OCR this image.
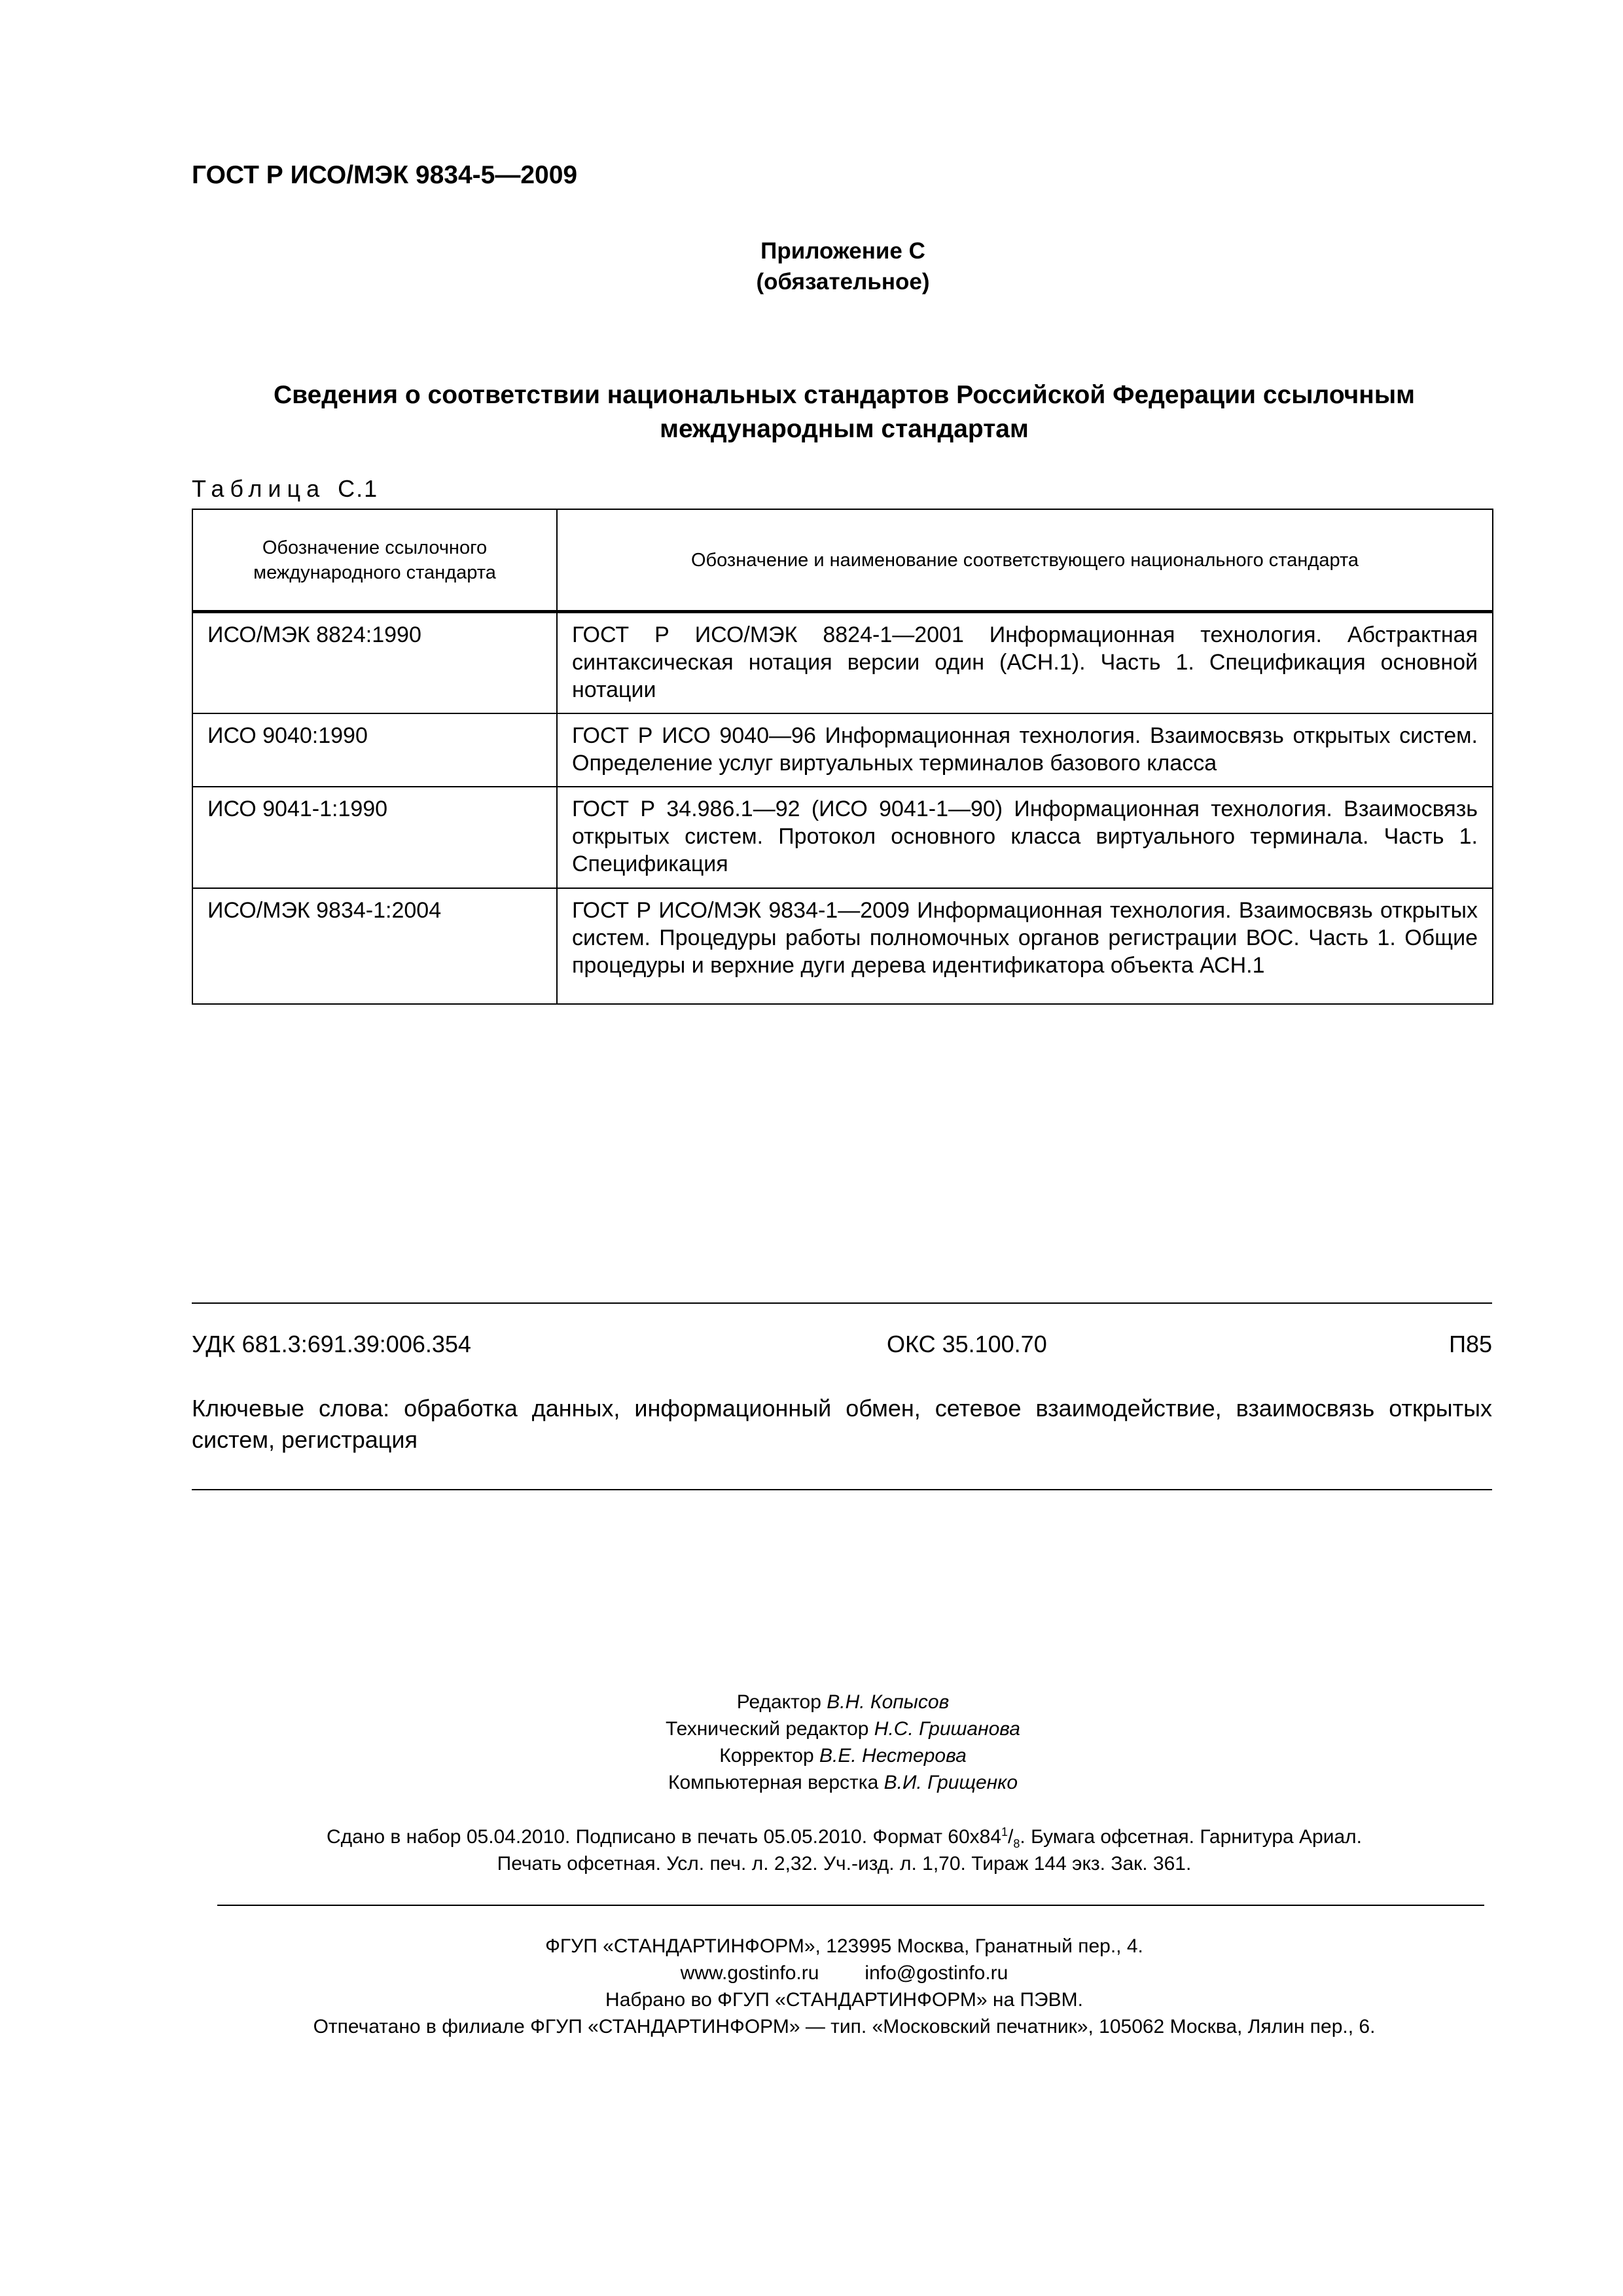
ГОСТ Р ИСО/МЭК 9834-5—2009
Приложение С
(обязательное)
Сведения о соответствии национальных стандартов Российской Федерации ссылочным
международным стандартам
Таблица С.1
Обозначение ссылочного международного стандарта	Обозначение и наименование соответствующего национального стандарта
ИСО/МЭК 8824:1990	ГОСТ Р ИСО/МЭК 8824-1—2001 Информационная технология. Абстрактная синтаксическая нотация версии один (АСН.1). Часть 1. Спецификация основной нотации
ИСО 9040:1990	ГОСТ Р ИСО 9040—96 Информационная технология. Взаимосвязь открытых систем. Определение услуг виртуальных терминалов базового класса
ИСО 9041-1:1990	ГОСТ Р 34.986.1—92 (ИСО 9041-1—90) Информационная технология. Взаимосвязь открытых систем. Протокол основного класса виртуального терминала. Часть 1. Спецификация
ИСО/МЭК 9834-1:2004	ГОСТ Р ИСО/МЭК 9834-1—2009 Информационная технология. Взаимосвязь открытых систем. Процедуры работы полномочных органов регистрации ВОС. Часть 1. Общие процедуры и верхние дуги дерева идентификатора объекта АСН.1
УДК 681.3:691.39:006.354	ОКС 35.100.70	П85
Ключевые слова: обработка данных, информационный обмен, сетевое взаимодействие, взаимосвязь открытых систем, регистрация
Редактор В.Н. Копысов
Технический редактор Н.С. Гришанова
Корректор В.Е. Нестерова
Компьютерная верстка В.И. Грищенко
Сдано в набор 05.04.2010. Подписано в печать 05.05.2010. Формат $60x84^1/_8$. Бумага офсетная. Гарнитура Ариал.
Печать офсетная. Усл. печ. л. 2,32. Уч.-изд. л. 1,70. Тираж 144 экз. Зак. 361.
ФГУП «СТАНДАРТИНФОРМ», 123995 Москва, Гранатный пер., 4.
www.gostinfo.ru info@gostinfo.ru
Набрано во ФГУП «СТАНДАРТИНФОРМ» на ПЭВМ.
Отпечатано в филиале ФГУП «СТАНДАРТИНФОРМ» — тип. «Московский печатник», 105062 Москва, Лялин пер., 6.
